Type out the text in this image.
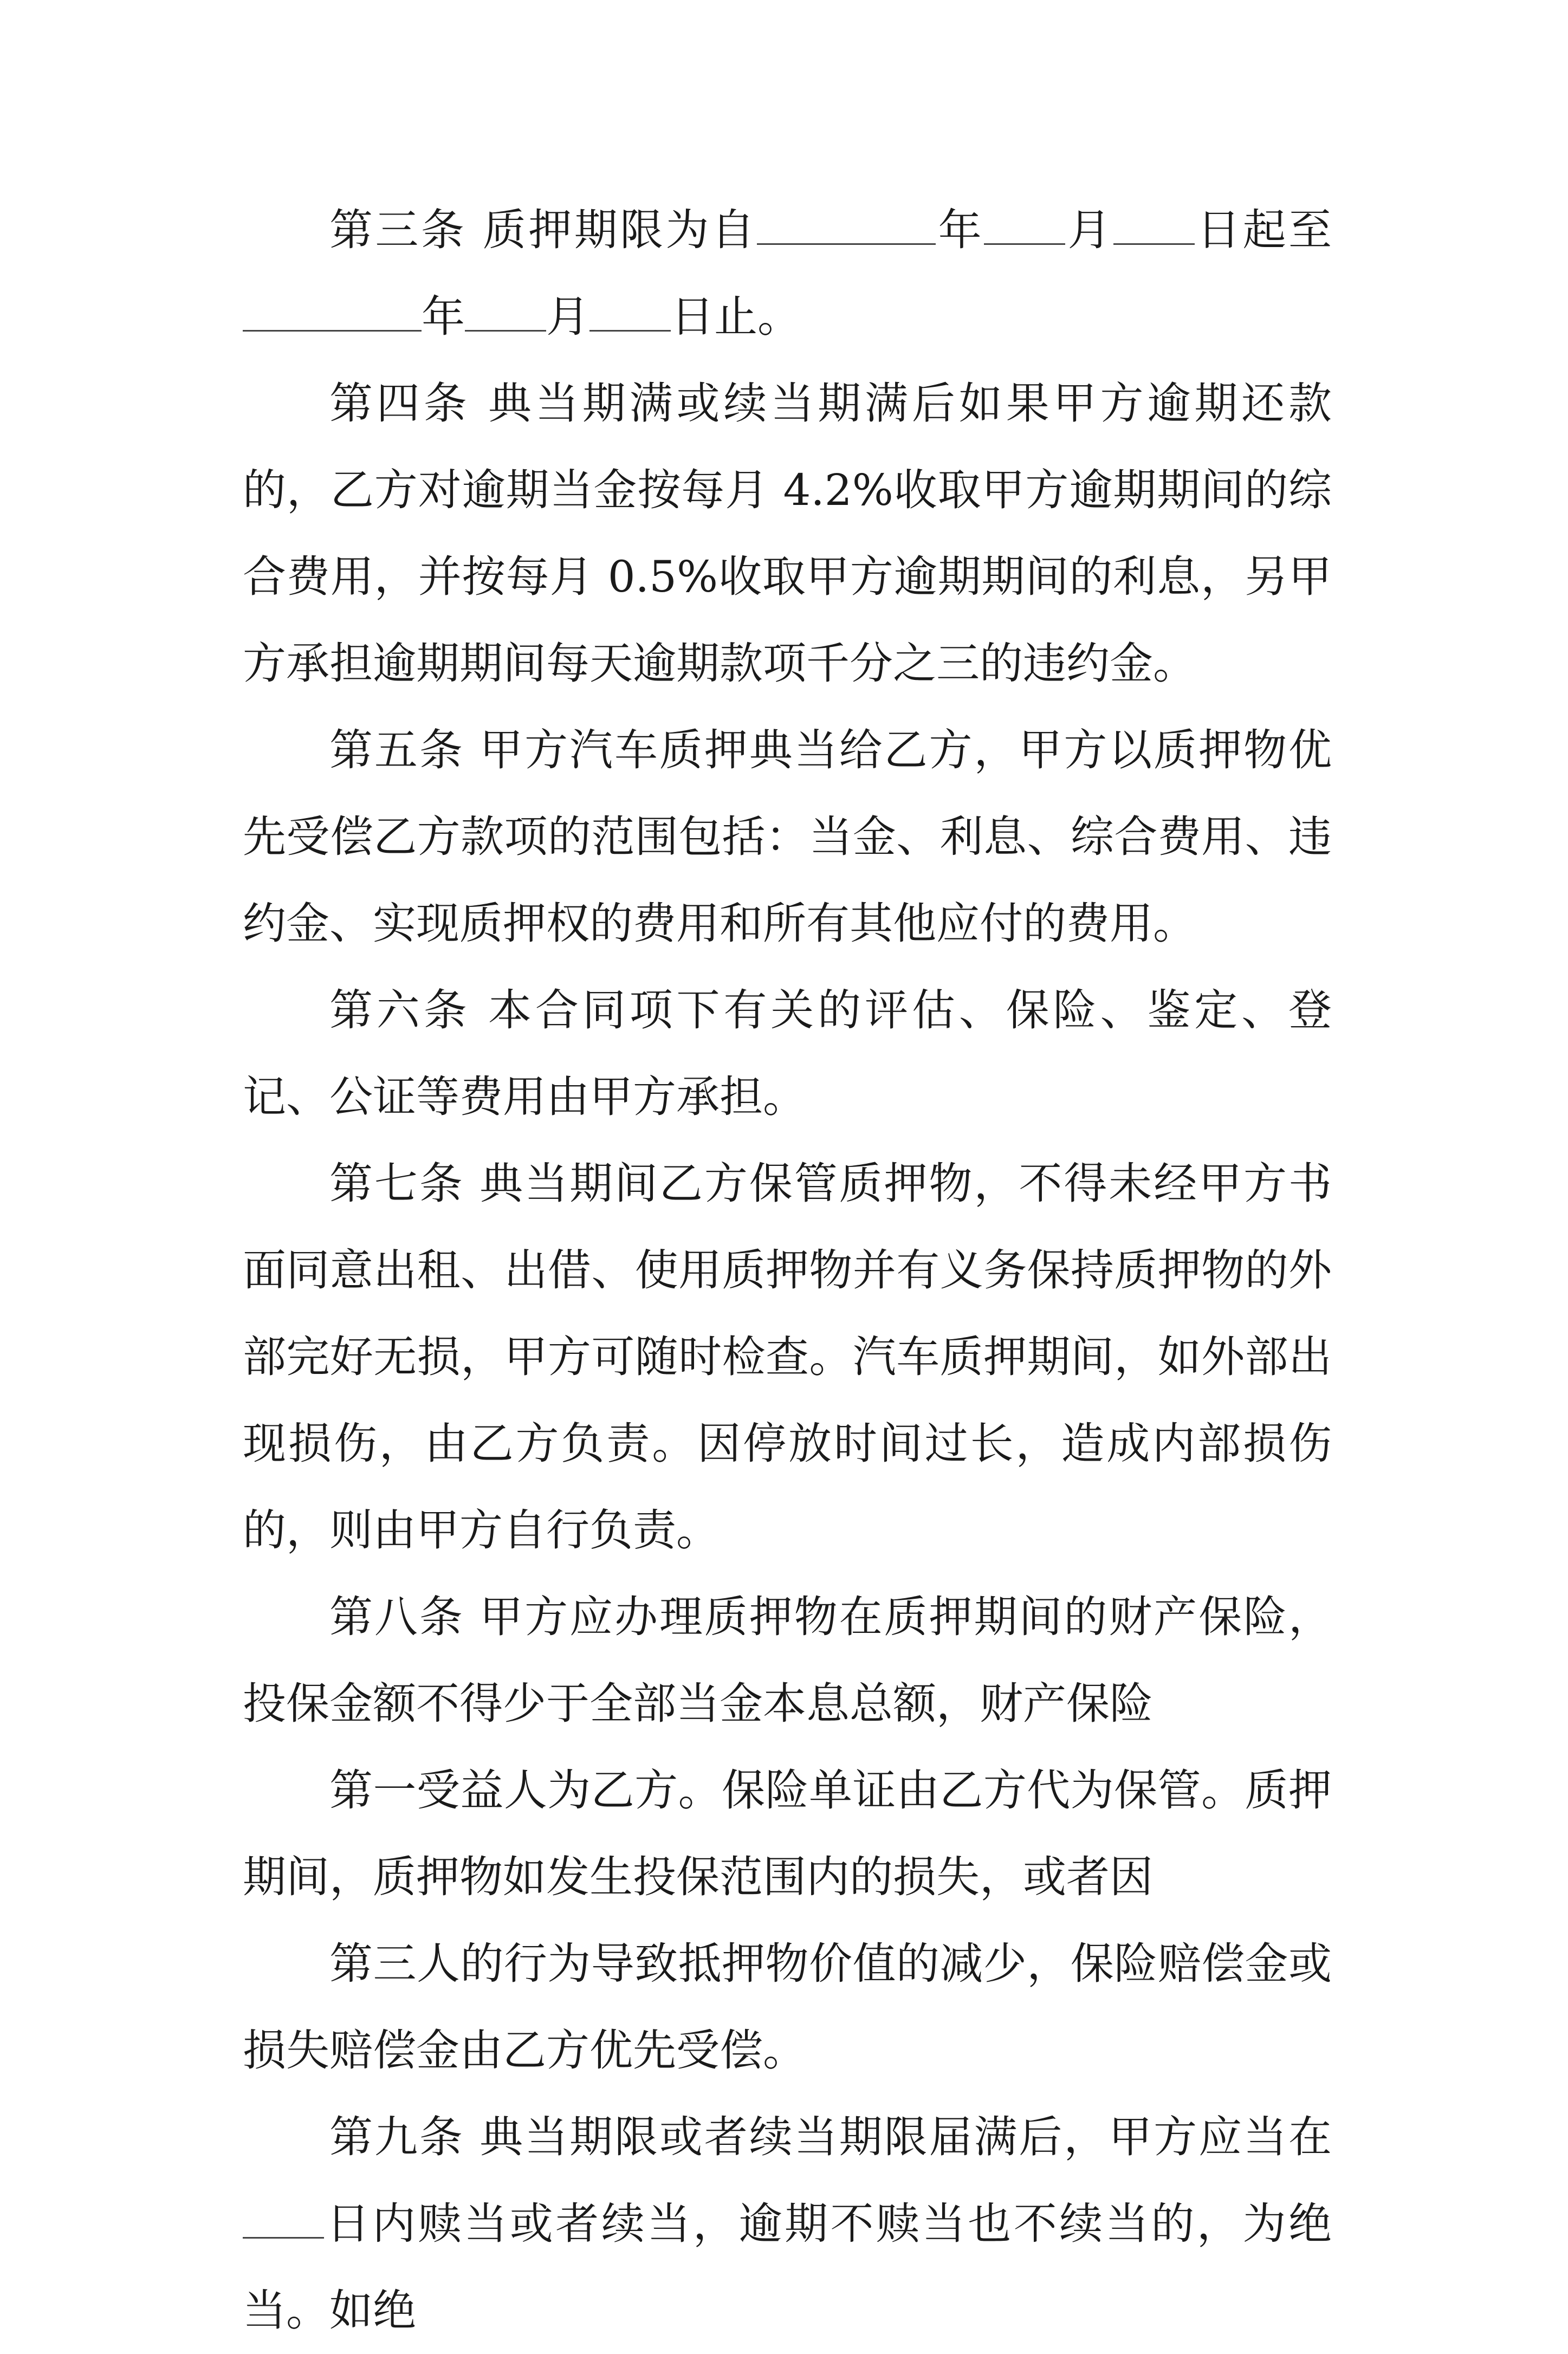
第三条 质押期限为自	年 月 日起至年 月 日止。

第四条 典当期满或续当期满后如果甲方逾期还款的，乙方对逾期当金按每月 4.2%收取甲方逾期期间的综合费用，并按每月 0.5%收取甲方逾期期间的利息，另甲方承担逾期期间每天逾期款项千分之三的违约金。

第五条 甲方汽车质押典当给乙方，甲方以质押物优先受偿乙方款项的范围包括：当金、利息、综合费用、违约金、实现质押权的费用和所有其他应付的费用。

第六条 本合同项下有关的评估、保险、鉴定、登记、公证等费用由甲方承担。

第七条 典当期间乙方保管质押物，不得未经甲方书面同意出租、出借、使用质押物并有义务保持质押物的外部完好无损，甲方可随时检查。汽车质押期间，如外部出现损伤，由乙方负责。因停放时间过长，造成内部损伤的，则由甲方自行负责。

第八条 甲方应办理质押物在质押期间的财产保险，投保金额不得少于全部当金本息总额，财产保险

第一受益人为乙方。保险单证由乙方代为保管。质押期间，质押物如发生投保范围内的损失，或者因

第三人的行为导致抵押物价值的减少，保险赔偿金或损失赔偿金由乙方优先受偿。

第九条 典当期限或者续当期限届满后，甲方应当在日内赎当或者续当，逾期不赎当也不续当的，为绝当。如绝
